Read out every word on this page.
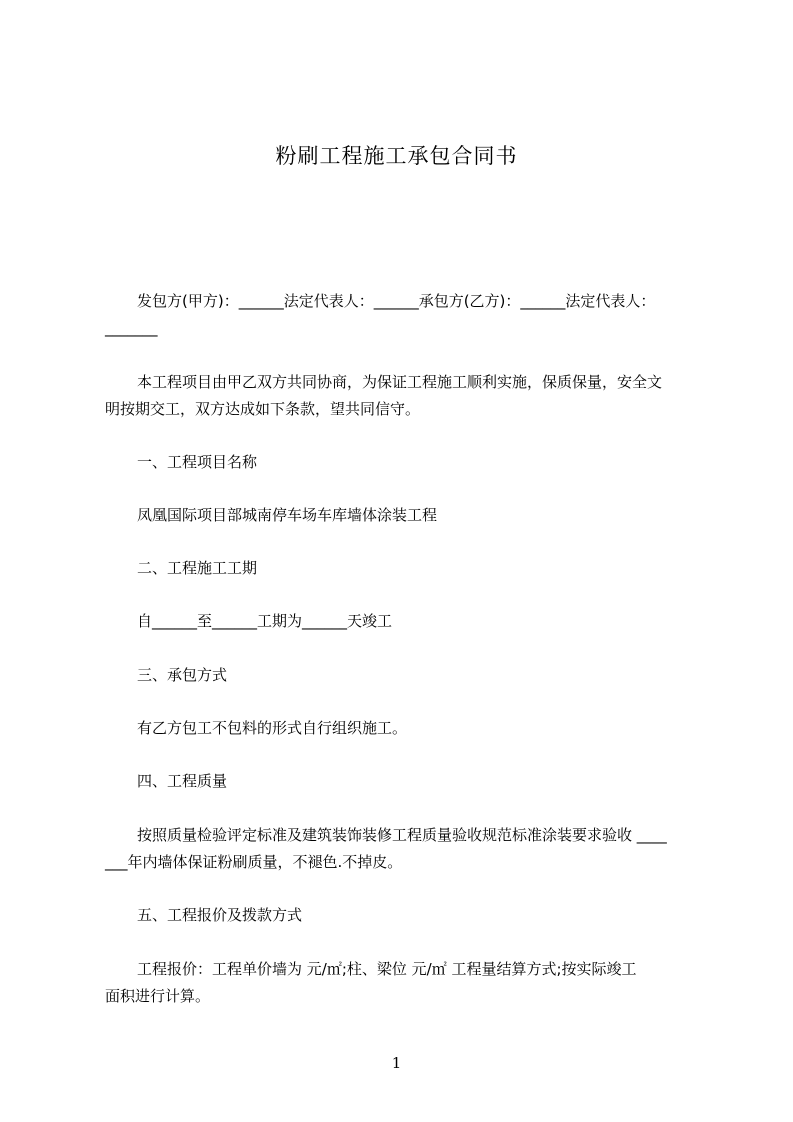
粉刷工程施工承包合同书
发包方(甲方)：______法定代表人：______承包方(乙方)：______法定代表人：
_______
本工程项目由甲乙双方共同协商，为保证工程施工顺利实施，保质保量，安全文
明按期交工，双方达成如下条款，望共同信守。
一、工程项目名称
凤凰国际项目部城南停车场车库墙体涂装工程
二、工程施工工期
自______至______工期为______天竣工
三、承包方式
有乙方包工不包料的形式自行组织施工。
四、工程质量
按照质量检验评定标准及建筑装饰装修工程质量验收规范标准涂装要求验收 ____
___年内墙体保证粉刷质量，不褪色.不掉皮。
五、工程报价及拨款方式
工程报价：工程单价墙为 元/㎡;柱、梁位 元/㎡ 工程量结算方式;按实际竣工
面积进行计算。
1
